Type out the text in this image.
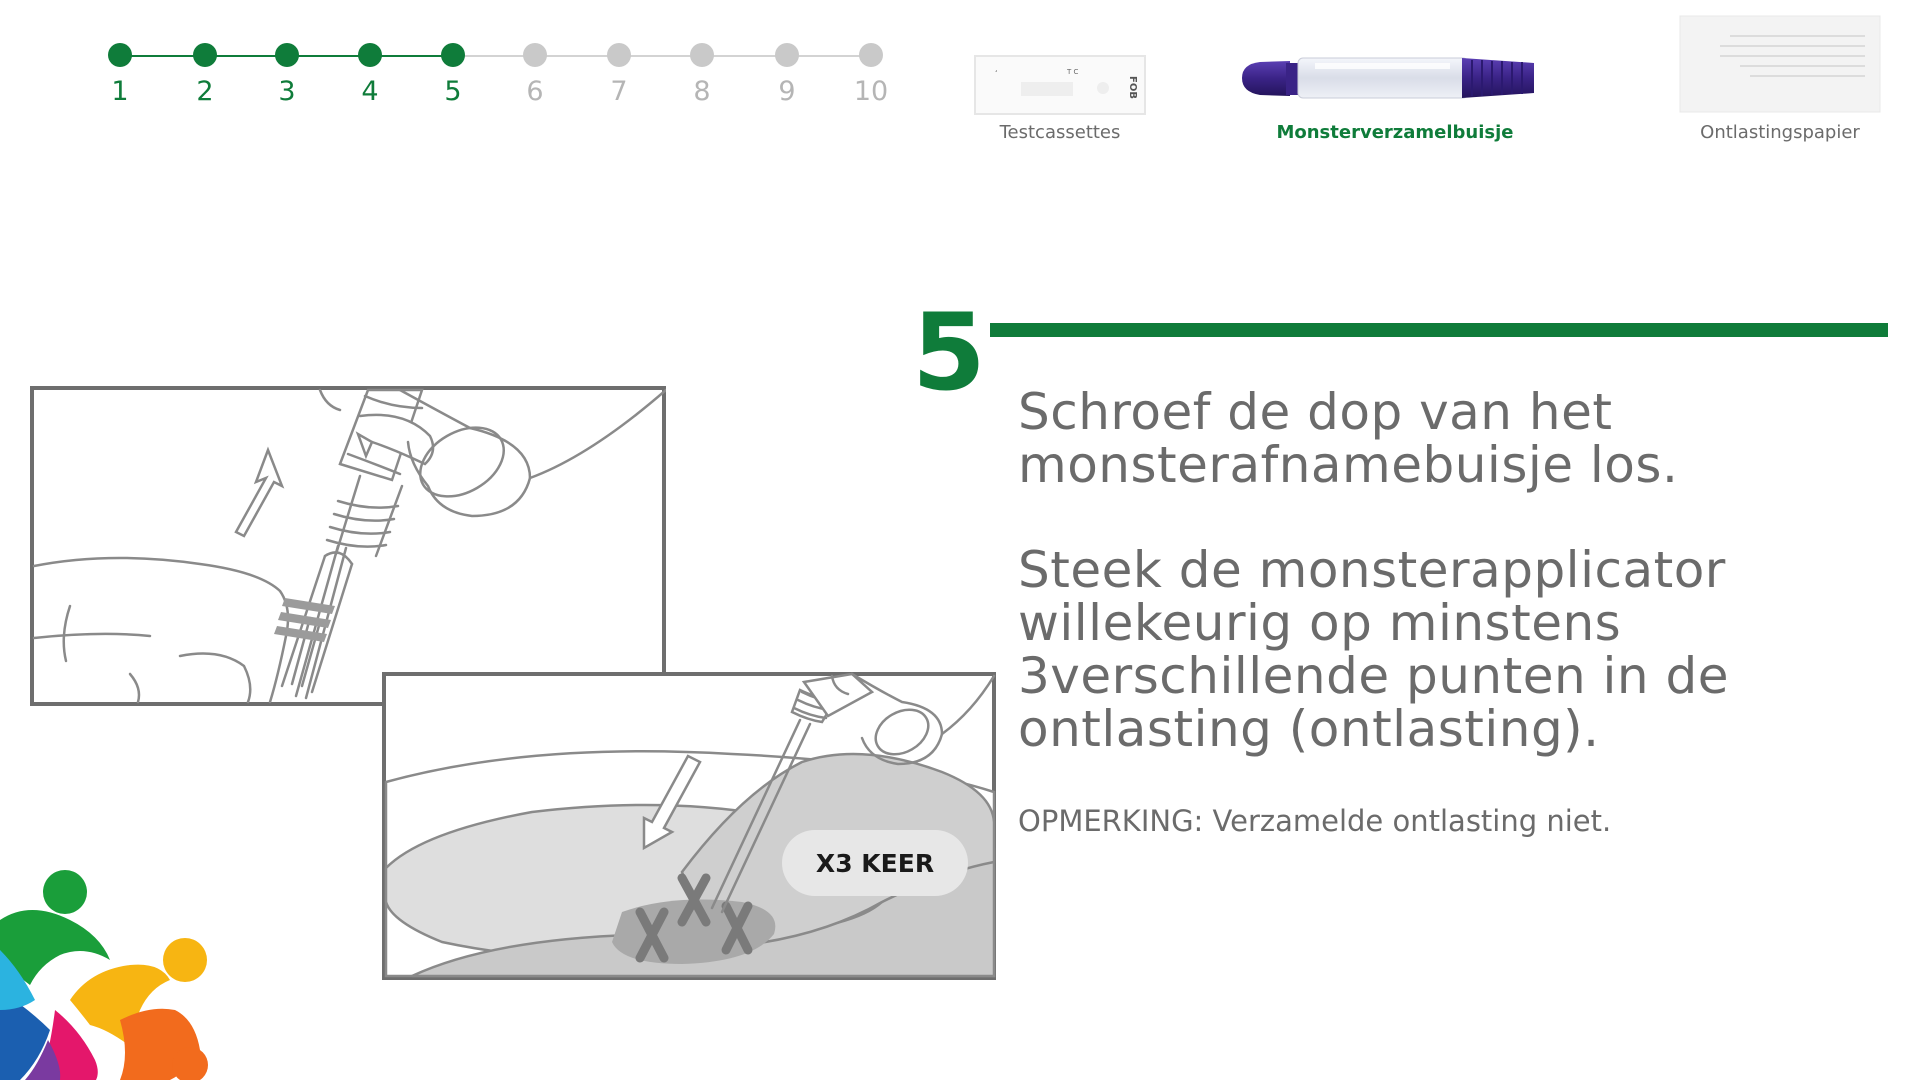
1	2	3	4	5	6	7	8	9	10
ʻ	T C
FOB
Testcassettes	Monsterverzamelbuisje	Ontlastingspapier
5 Schroef de dop van het monsterafnamebuisje los.

Steek de monsterapplicator willekeurig op minstens 3verschillende punten in de ontlasting (ontlasting).

OPMERKING: Verzamelde ontlasting niet.
X3 KEER
